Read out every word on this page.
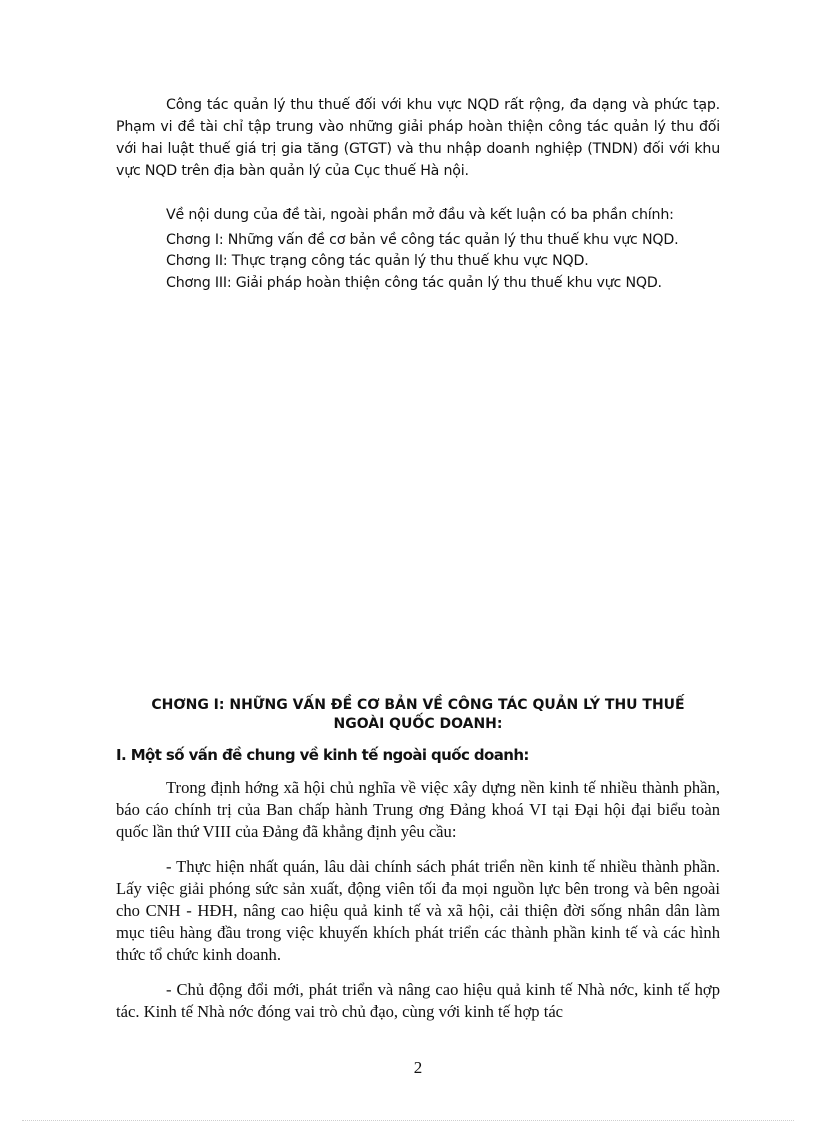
Công tác quản lý thu thuế đối với khu vực NQD rất rộng, đa dạng và phức tạp. Phạm vi đề tài chỉ tập trung vào những giải pháp hoàn thiện công tác quản lý thu đối với hai luật thuế giá trị gia tăng (GTGT) và thu nhập doanh nghiệp (TNDN) đối với khu vực NQD trên địa bàn quản lý của Cục thuế Hà nội.

Về nội dung của đề tài, ngoài phần mở đầu và kết luận có ba phần chính:

Chơng I: Những vấn đề cơ bản về công tác quản lý thu thuế khu vực NQD.

Chơng II: Thực trạng công tác quản lý thu thuế khu vực NQD.

Chơng III: Giải pháp hoàn thiện công tác quản lý thu thuế khu vực NQD.

CHƠNG I: NHỮNG VẤN ĐỀ CƠ BẢN VỀ CÔNG TÁC QUẢN LÝ THU THUẾ
NGOÀI QUỐC DOANH:
I. Một số vấn đề chung về kinh tế ngoài quốc doanh:

Trong định hớng xã hội chủ nghĩa về việc xây dựng nền kinh tế nhiều thành phần, báo cáo chính trị của Ban chấp hành Trung ơng Đảng khoá VI tại Đại hội đại biểu toàn quốc lần thứ VIII của Đảng đã khẳng định yêu cầu:

- Thực hiện nhất quán, lâu dài chính sách phát triển nền kinh tế nhiều thành phần. Lấy việc giải phóng sức sản xuất, động viên tối đa mọi nguồn lực bên trong và bên ngoài cho CNH - HĐH, nâng cao hiệu quả kinh tế và xã hội, cải thiện đời sống nhân dân làm mục tiêu hàng đầu trong việc khuyến khích phát triển các thành phần kinh tế và các hình thức tổ chức kinh doanh.

- Chủ động đổi mới, phát triển và nâng cao hiệu quả kinh tế Nhà nớc, kinh tế hợp tác. Kinh tế Nhà nớc đóng vai trò chủ đạo, cùng với kinh tế hợp tác

2
